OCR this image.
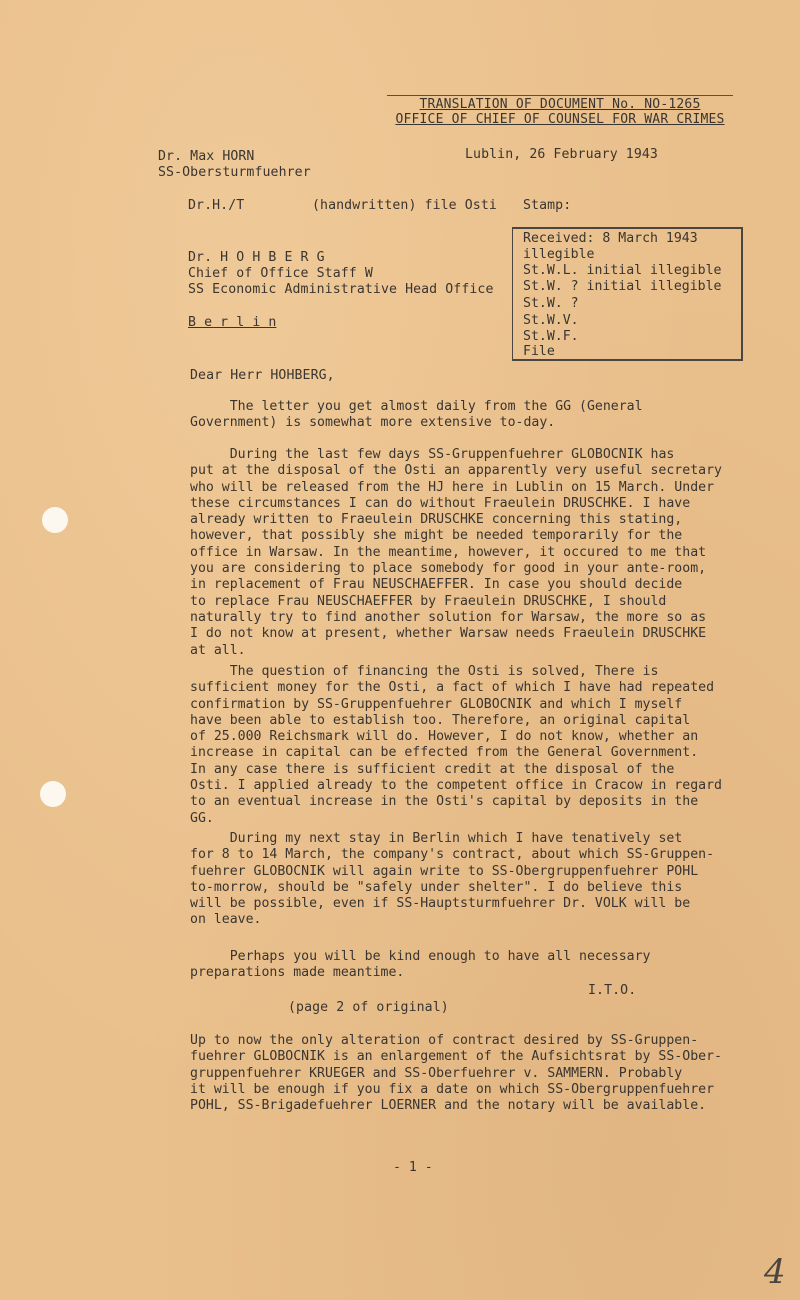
TRANSLATION OF DOCUMENT No. NO-1265
OFFICE OF CHIEF OF COUNSEL FOR WAR CRIMES
Dr. Max HORN
SS-Obersturmfuehrer
Lublin, 26 February 1943
Dr.H./T	(handwritten) file Osti Stamp:
Dr. H O H B E R G
Chief of Office Staff W
SS Economic Administrative Head Office
B e r l i n
Received: 8 March 1943
illegible
St.W.L. initial illegible
St.W. ? initial illegible
St.W. ?
St.W.V.
St.W.F.
File
Dear Herr HOHBERG,

The letter you get almost daily from the GG (General
Government) is somewhat more extensive to-day.

During the last few days SS-Gruppenfuehrer GLOBOCNIK has
put at the disposal of the Osti an apparently very useful secretary
who will be released from the HJ here in Lublin on 15 March. Under
these circumstances I can do without Fraeulein DRUSCHKE. I have
already written to Fraeulein DRUSCHKE concerning this stating,
however, that possibly she might be needed temporarily for the
office in Warsaw. In the meantime, however, it occured to me that
you are considering to place somebody for good in your ante-room,
in replacement of Frau NEUSCHAEFFER. In case you should decide
to replace Frau NEUSCHAEFFER by Fraeulein DRUSCHKE, I should
naturally try to find another solution for Warsaw, the more so as
I do not know at present, whether Warsaw needs Fraeulein DRUSCHKE
at all.

The question of financing the Osti is solved, There is
sufficient money for the Osti, a fact of which I have had repeated
confirmation by SS-Gruppenfuehrer GLOBOCNIK and which I myself
have been able to establish too. Therefore, an original capital
of 25.000 Reichsmark will do. However, I do not know, whether an
increase in capital can be effected from the General Government.
In any case there is sufficient credit at the disposal of the
Osti. I applied already to the competent office in Cracow in regard
to an eventual increase in the Osti's capital by deposits in the
GG.

During my next stay in Berlin which I have tenatively set
for 8 to 14 March, the company's contract, about which SS-Gruppen-
fuehrer GLOBOCNIK will again write to SS-Obergruppenfuehrer POHL
to-morrow, should be "safely under shelter". I do believe this
will be possible, even if SS-Hauptsturmfuehrer Dr. VOLK will be
on leave.

Perhaps you will be kind enough to have all necessary
preparations made meantime.

I.T.O.
(page 2 of original)

Up to now the only alteration of contract desired by SS-Gruppen-
fuehrer GLOBOCNIK is an enlargement of the Aufsichtsrat by SS-Ober-
gruppenfuehrer KRUEGER and SS-Oberfuehrer v. SAMMERN. Probably
it will be enough if you fix a date on which SS-Obergruppenfuehrer
POHL, SS-Brigadefuehrer LOERNER and the notary will be available.

- 1 -
4
